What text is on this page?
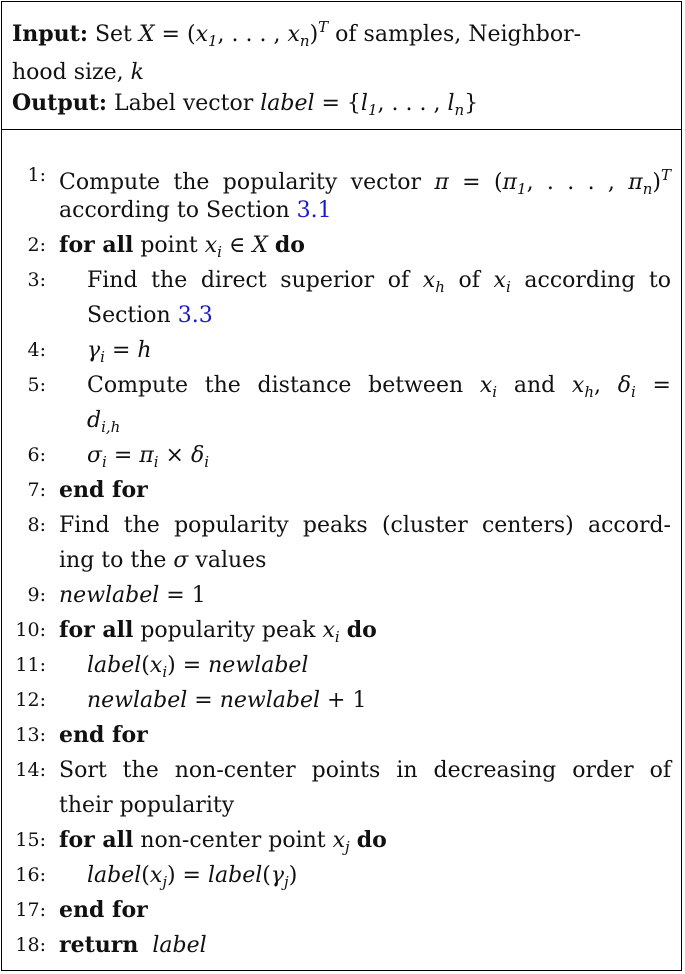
Input: Set $X = (x_1$, . . . , $x_n)^T$ of samples, Neighbor-
hood size, k
Output: Label vector label = {$l_1$, . . . , $l_n$}
1: Compute the popularity vector $\pi = (\pi_1$, . . . , $\pi_n)^T$
according to Section 3.1
2: for all point $x_i$ ∈ X do
3: Find the direct superior of $x_h$ of $x_i$ according to
Section 3.3
4: $\gamma_i = h$
5: Compute the distance between $x_i$ and $x_h$, $\delta_i$ =
$d_{i,h}$
6: $\sigma_i = \pi_i \times \delta_i$
7: end for
8: Find the popularity peaks (cluster centers) accord-
ing to the σ values
9: newlabel = 1
10: for all popularity peak $x_i$ do
11: $label(x_i)$ = newlabel
12: newlabel = newlabel + 1
13: end for
14: Sort the non-center points in decreasing order of
their popularity
15: for all non-center point $x_j$ do
16: $label(x_j)$ = $label(\gamma_j)$
17: end for
18: return label
